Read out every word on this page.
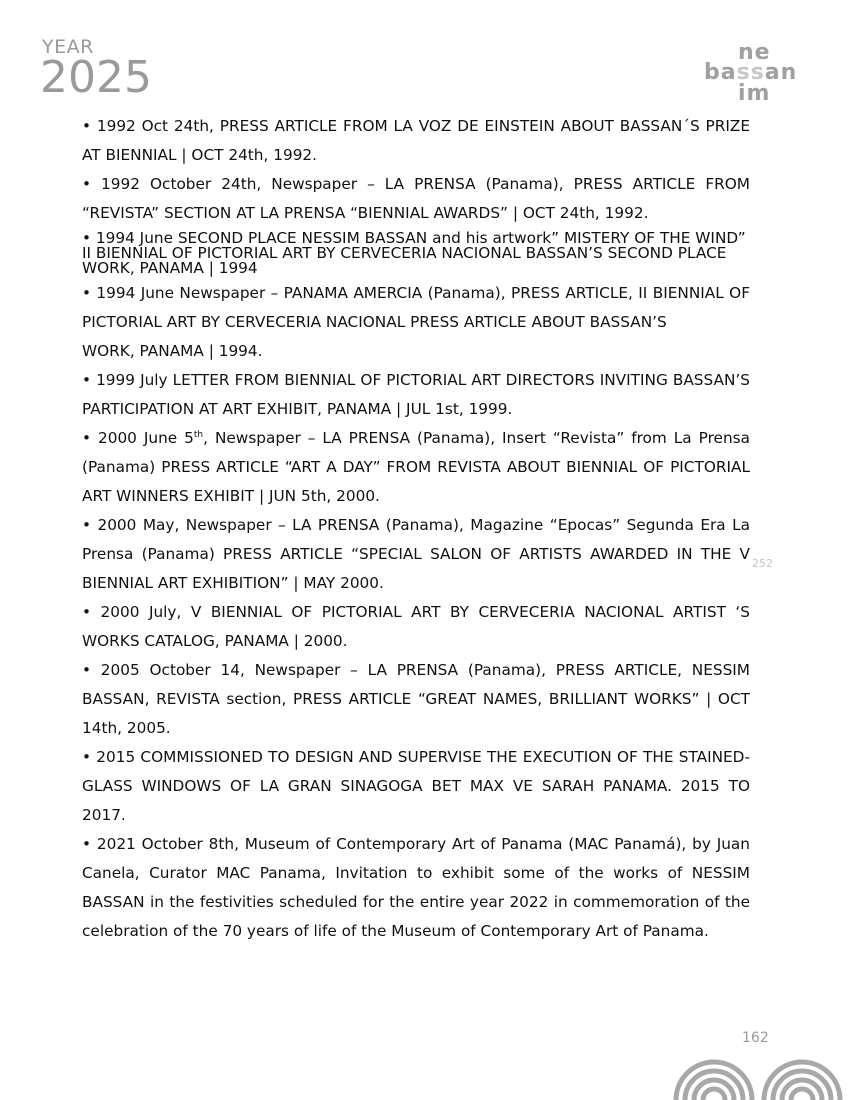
YEAR
2025	ne
bassan
im

• 1992 Oct 24th, PRESS ARTICLE FROM LA VOZ DE EINSTEIN ABOUT BASSAN´S PRIZE AT BIENNIAL | OCT 24th, 1992.

• 1992 October 24th, Newspaper – LA PRENSA (Panama), PRESS ARTICLE FROM “REVISTA” SECTION AT LA PRENSA “BIENNIAL AWARDS” | OCT 24th, 1992.

• 1994 June SECOND PLACE NESSIM BASSAN and his artwork” MISTERY OF THE WIND” II BIENNIAL OF PICTORIAL ART BY CERVECERIA NACIONAL BASSAN’S SECOND PLACE WORK, PANAMA | 1994

• 1994 June Newspaper – PANAMA AMERCIA (Panama), PRESS ARTICLE, II BIENNIAL OF PICTORIAL ART BY CERVECERIA NACIONAL PRESS ARTICLE ABOUT BASSAN’S

WORK, PANAMA | 1994.

• 1999 July LETTER FROM BIENNIAL OF PICTORIAL ART DIRECTORS INVITING BASSAN’S PARTICIPATION AT ART EXHIBIT, PANAMA | JUL 1st, 1999.

• 2000 June 5th, Newspaper – LA PRENSA (Panama), Insert “Revista” from La Prensa (Panama) PRESS ARTICLE “ART A DAY” FROM REVISTA ABOUT BIENNIAL OF PICTORIAL ART WINNERS EXHIBIT | JUN 5th, 2000.

• 2000 May, Newspaper – LA PRENSA (Panama), Magazine “Epocas” Segunda Era La Prensa (Panama) PRESS ARTICLE “SPECIAL SALON OF ARTISTS AWARDED IN THE V BIENNIAL ART EXHIBITION” | MAY 2000.

• 2000 July, V BIENNIAL OF PICTORIAL ART BY CERVECERIA NACIONAL ARTIST ‘S WORKS CATALOG, PANAMA | 2000.

• 2005 October 14, Newspaper – LA PRENSA (Panama), PRESS ARTICLE, NESSIM BASSAN, REVISTA section, PRESS ARTICLE “GREAT NAMES, BRILLIANT WORKS” | OCT 14th, 2005.

• 2015 COMMISSIONED TO DESIGN AND SUPERVISE THE EXECUTION OF THE STAINED-GLASS WINDOWS OF LA GRAN SINAGOGA BET MAX VE SARAH PANAMA. 2015 TO 2017.

• 2021 October 8th, Museum of Contemporary Art of Panama (MAC Panamá), by Juan Canela, Curator MAC Panama, Invitation to exhibit some of the works of NESSIM BASSAN in the festivities scheduled for the entire year 2022 in commemoration of the celebration of the 70 years of life of the Museum of Contemporary Art of Panama.

252
162
